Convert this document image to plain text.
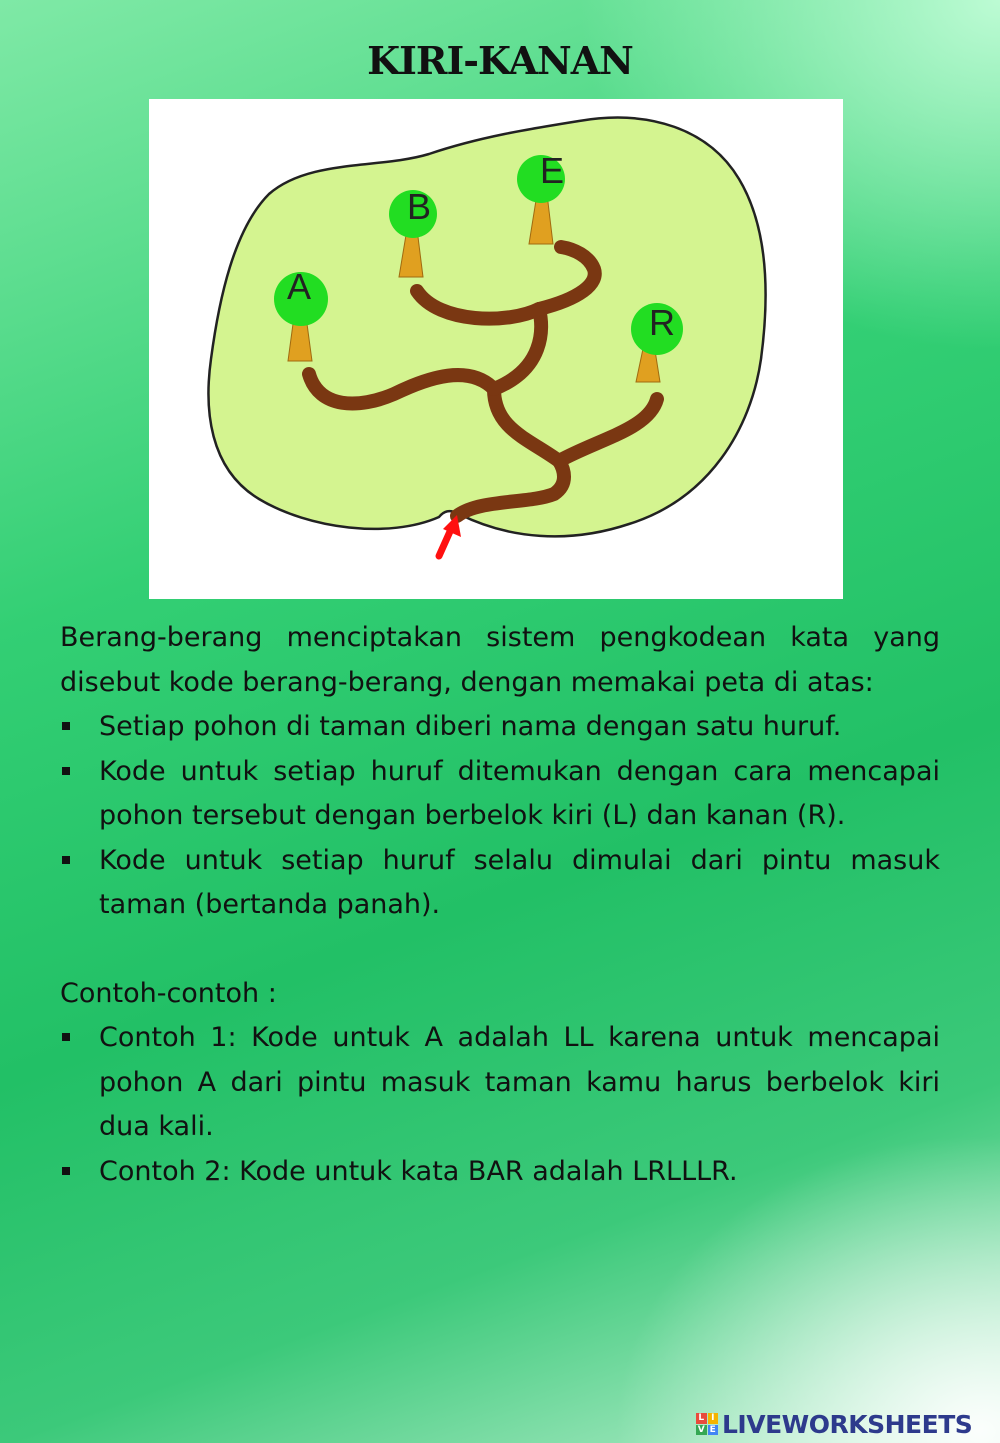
KIRI-KANAN
A
B
E
R

Berang-berang menciptakan sistem pengkodean kata yang disebut kode berang-berang, dengan memakai peta di atas:

Setiap pohon di taman diberi nama dengan satu huruf.
Kode untuk setiap huruf ditemukan dengan cara mencapai pohon tersebut dengan berbelok kiri (L) dan kanan (R).
Kode untuk setiap huruf selalu dimulai dari pintu masuk taman (bertanda panah).

Contoh-contoh :

Contoh 1: Kode untuk A adalah LL karena untuk mencapai pohon A dari pintu masuk taman kamu harus berbelok kiri dua kali.
Contoh 2: Kode untuk kata BAR adalah LRLLLR.
L I
V E LIVEWORKSHEETS
